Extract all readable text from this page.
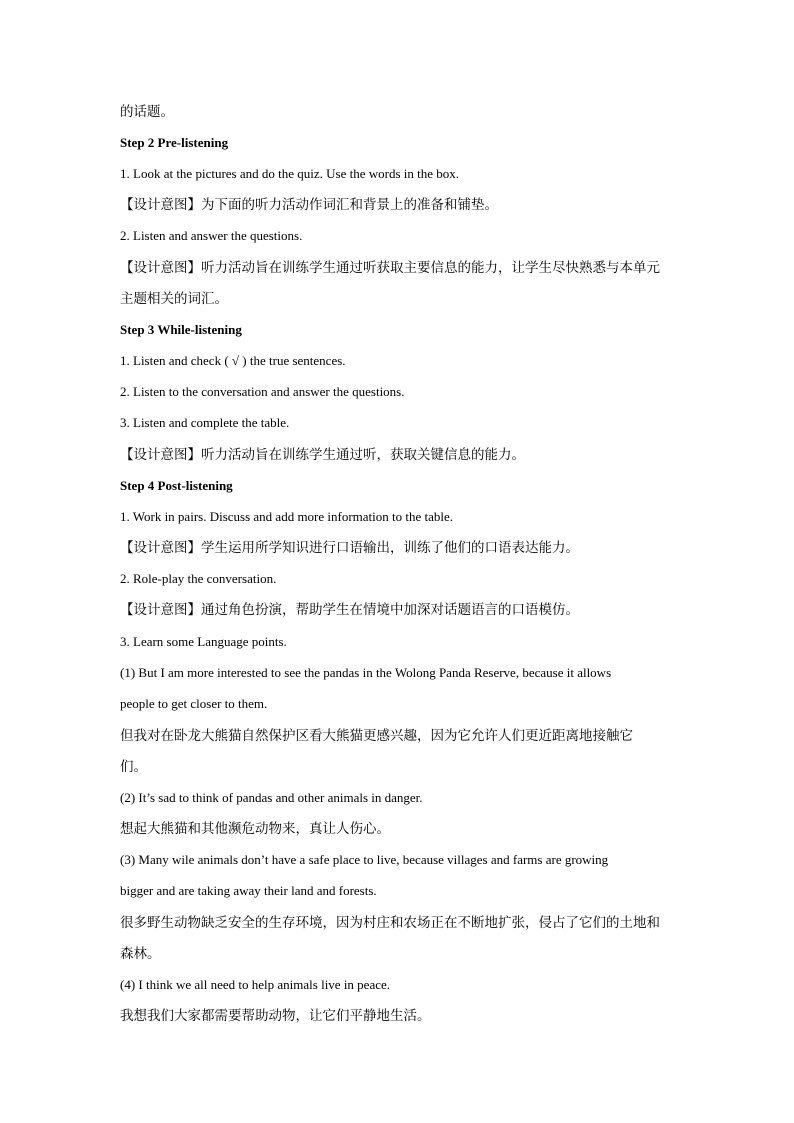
的话题。
Step 2 Pre-listening
1. Look at the pictures and do the quiz. Use the words in the box.
【设计意图】为下面的听力活动作词汇和背景上的准备和铺垫。
2. Listen and answer the questions.
【设计意图】听力活动旨在训练学生通过听获取主要信息的能力，让学生尽快熟悉与本单元
主题相关的词汇。
Step 3 While-listening
1. Listen and check ( √ ) the true sentences.
2. Listen to the conversation and answer the questions.
3. Listen and complete the table.
【设计意图】听力活动旨在训练学生通过听，获取关键信息的能力。
Step 4 Post-listening
1. Work in pairs. Discuss and add more information to the table.
【设计意图】学生运用所学知识进行口语输出，训练了他们的口语表达能力。
2. Role-play the conversation.
【设计意图】通过角色扮演，帮助学生在情境中加深对话题语言的口语模仿。
3. Learn some Language points.
(1) But I am more interested to see the pandas in the Wolong Panda Reserve, because it allows
people to get closer to them.
但我对在卧龙大熊猫自然保护区看大熊猫更感兴趣，因为它允许人们更近距离地接触它
们。
(2) It’s sad to think of pandas and other animals in danger.
想起大熊猫和其他濒危动物来，真让人伤心。
(3) Many wile animals don’t have a safe place to live, because villages and farms are growing
bigger and are taking away their land and forests.
很多野生动物缺乏安全的生存环境，因为村庄和农场正在不断地扩张，侵占了它们的土地和
森林。
(4) I think we all need to help animals live in peace.
我想我们大家都需要帮助动物，让它们平静地生活。
